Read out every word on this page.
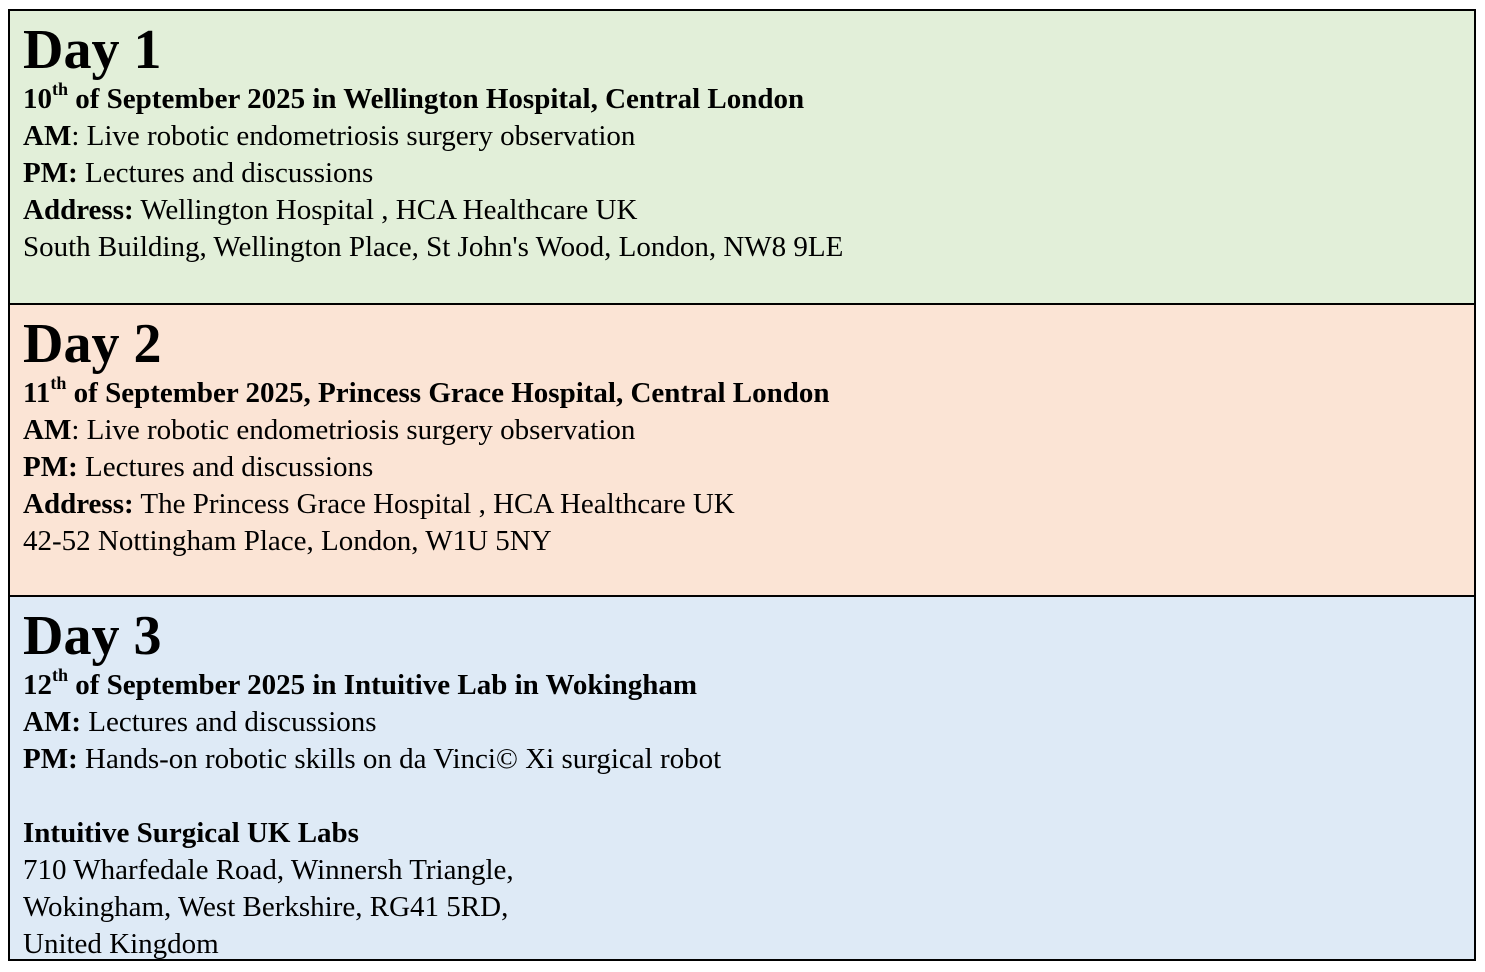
Day 1

10th of September 2025 in Wellington Hospital, Central London

AM: Live robotic endometriosis surgery observation

PM: Lectures and discussions

Address: Wellington Hospital , HCA Healthcare UK

South Building, Wellington Place, St John's Wood, London, NW8 9LE

Day 2

11th of September 2025, Princess Grace Hospital, Central London

AM: Live robotic endometriosis surgery observation

PM: Lectures and discussions

Address: The Princess Grace Hospital , HCA Healthcare UK

42-52 Nottingham Place, London, W1U 5NY

Day 3

12th of September 2025 in Intuitive Lab in Wokingham

AM: Lectures and discussions

PM: Hands-on robotic skills on da Vinci© Xi surgical robot

Intuitive Surgical UK Labs

710 Wharfedale Road, Winnersh Triangle,

Wokingham, West Berkshire, RG41 5RD,

United Kingdom
